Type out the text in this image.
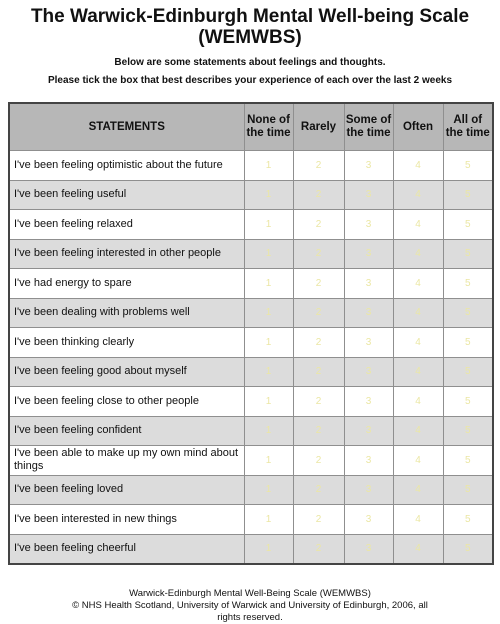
The Warwick-Edinburgh Mental Well-being Scale
(WEMWBS)
Below are some statements about feelings and thoughts.
Please tick the box that best describes your experience of each over the last 2 weeks
STATEMENTS	None of the time	Rarely	Some of the time	Often	All of the time
I've been feeling optimistic about the future	1	2	3	4	5
I've been feeling useful	1	2	3	4	5
I've been feeling relaxed	1	2	3	4	5
I've been feeling interested in other people	1	2	3	4	5
I've had energy to spare	1	2	3	4	5
I've been dealing with problems well	1	2	3	4	5
I've been thinking clearly	1	2	3	4	5
I've been feeling good about myself	1	2	3	4	5
I've been feeling close to other people	1	2	3	4	5
I've been feeling confident	1	2	3	4	5
I've been able to make up my own mind about things	1	2	3	4	5
I've been feeling loved	1	2	3	4	5
I've been interested in new things	1	2	3	4	5
I've been feeling cheerful	1	2	3	4	5
Warwick-Edinburgh Mental Well-Being Scale (WEMWBS)
© NHS Health Scotland, University of Warwick and University of Edinburgh, 2006, all
rights reserved.
